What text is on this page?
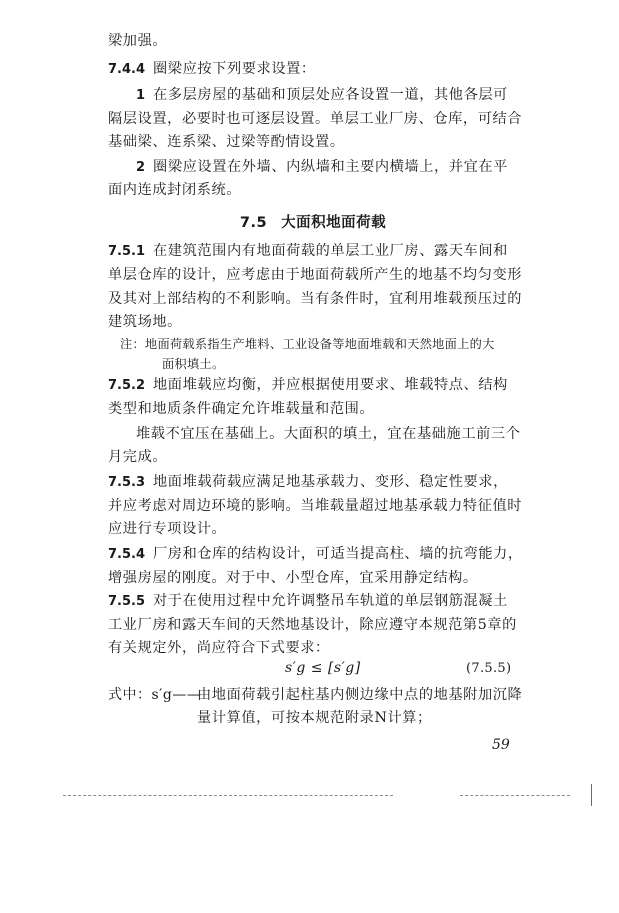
梁加强。
7.4.4 圈梁应按下列要求设置：
1 在多层房屋的基础和顶层处应各设置一道，其他各层可
隔层设置，必要时也可逐层设置。单层工业厂房、仓库，可结合
基础梁、连系梁、过梁等酌情设置。
2 圈梁应设置在外墙、内纵墙和主要内横墙上，并宜在平
面内连成封闭系统。
7.5 大面积地面荷载
7.5.1 在建筑范围内有地面荷载的单层工业厂房、露天车间和
单层仓库的设计，应考虑由于地面荷载所产生的地基不均匀变形
及其对上部结构的不利影响。当有条件时，宜利用堆载预压过的
建筑场地。
注：地面荷载系指生产堆料、工业设备等地面堆载和天然地面上的大
面积填土。
7.5.2 地面堆载应均衡，并应根据使用要求、堆载特点、结构
类型和地质条件确定允许堆载量和范围。
堆载不宜压在基础上。大面积的填土，宜在基础施工前三个
月完成。
7.5.3 地面堆载荷载应满足地基承载力、变形、稳定性要求，
并应考虑对周边环境的影响。当堆载量超过地基承载力特征值时
应进行专项设计。
7.5.4 厂房和仓库的结构设计，可适当提高柱、墙的抗弯能力，
增强房屋的刚度。对于中、小型仓库，宜采用静定结构。
7.5.5 对于在使用过程中允许调整吊车轨道的单层钢筋混凝土
工业厂房和露天车间的天然地基设计，除应遵守本规范第5章的
有关规定外，尚应符合下式要求：
s′g ≤ [s′g]	(7.5.5)
式中：s′g——
由地面荷载引起柱基内侧边缘中点的地基附加沉降
量计算值，可按本规范附录N计算；
59
